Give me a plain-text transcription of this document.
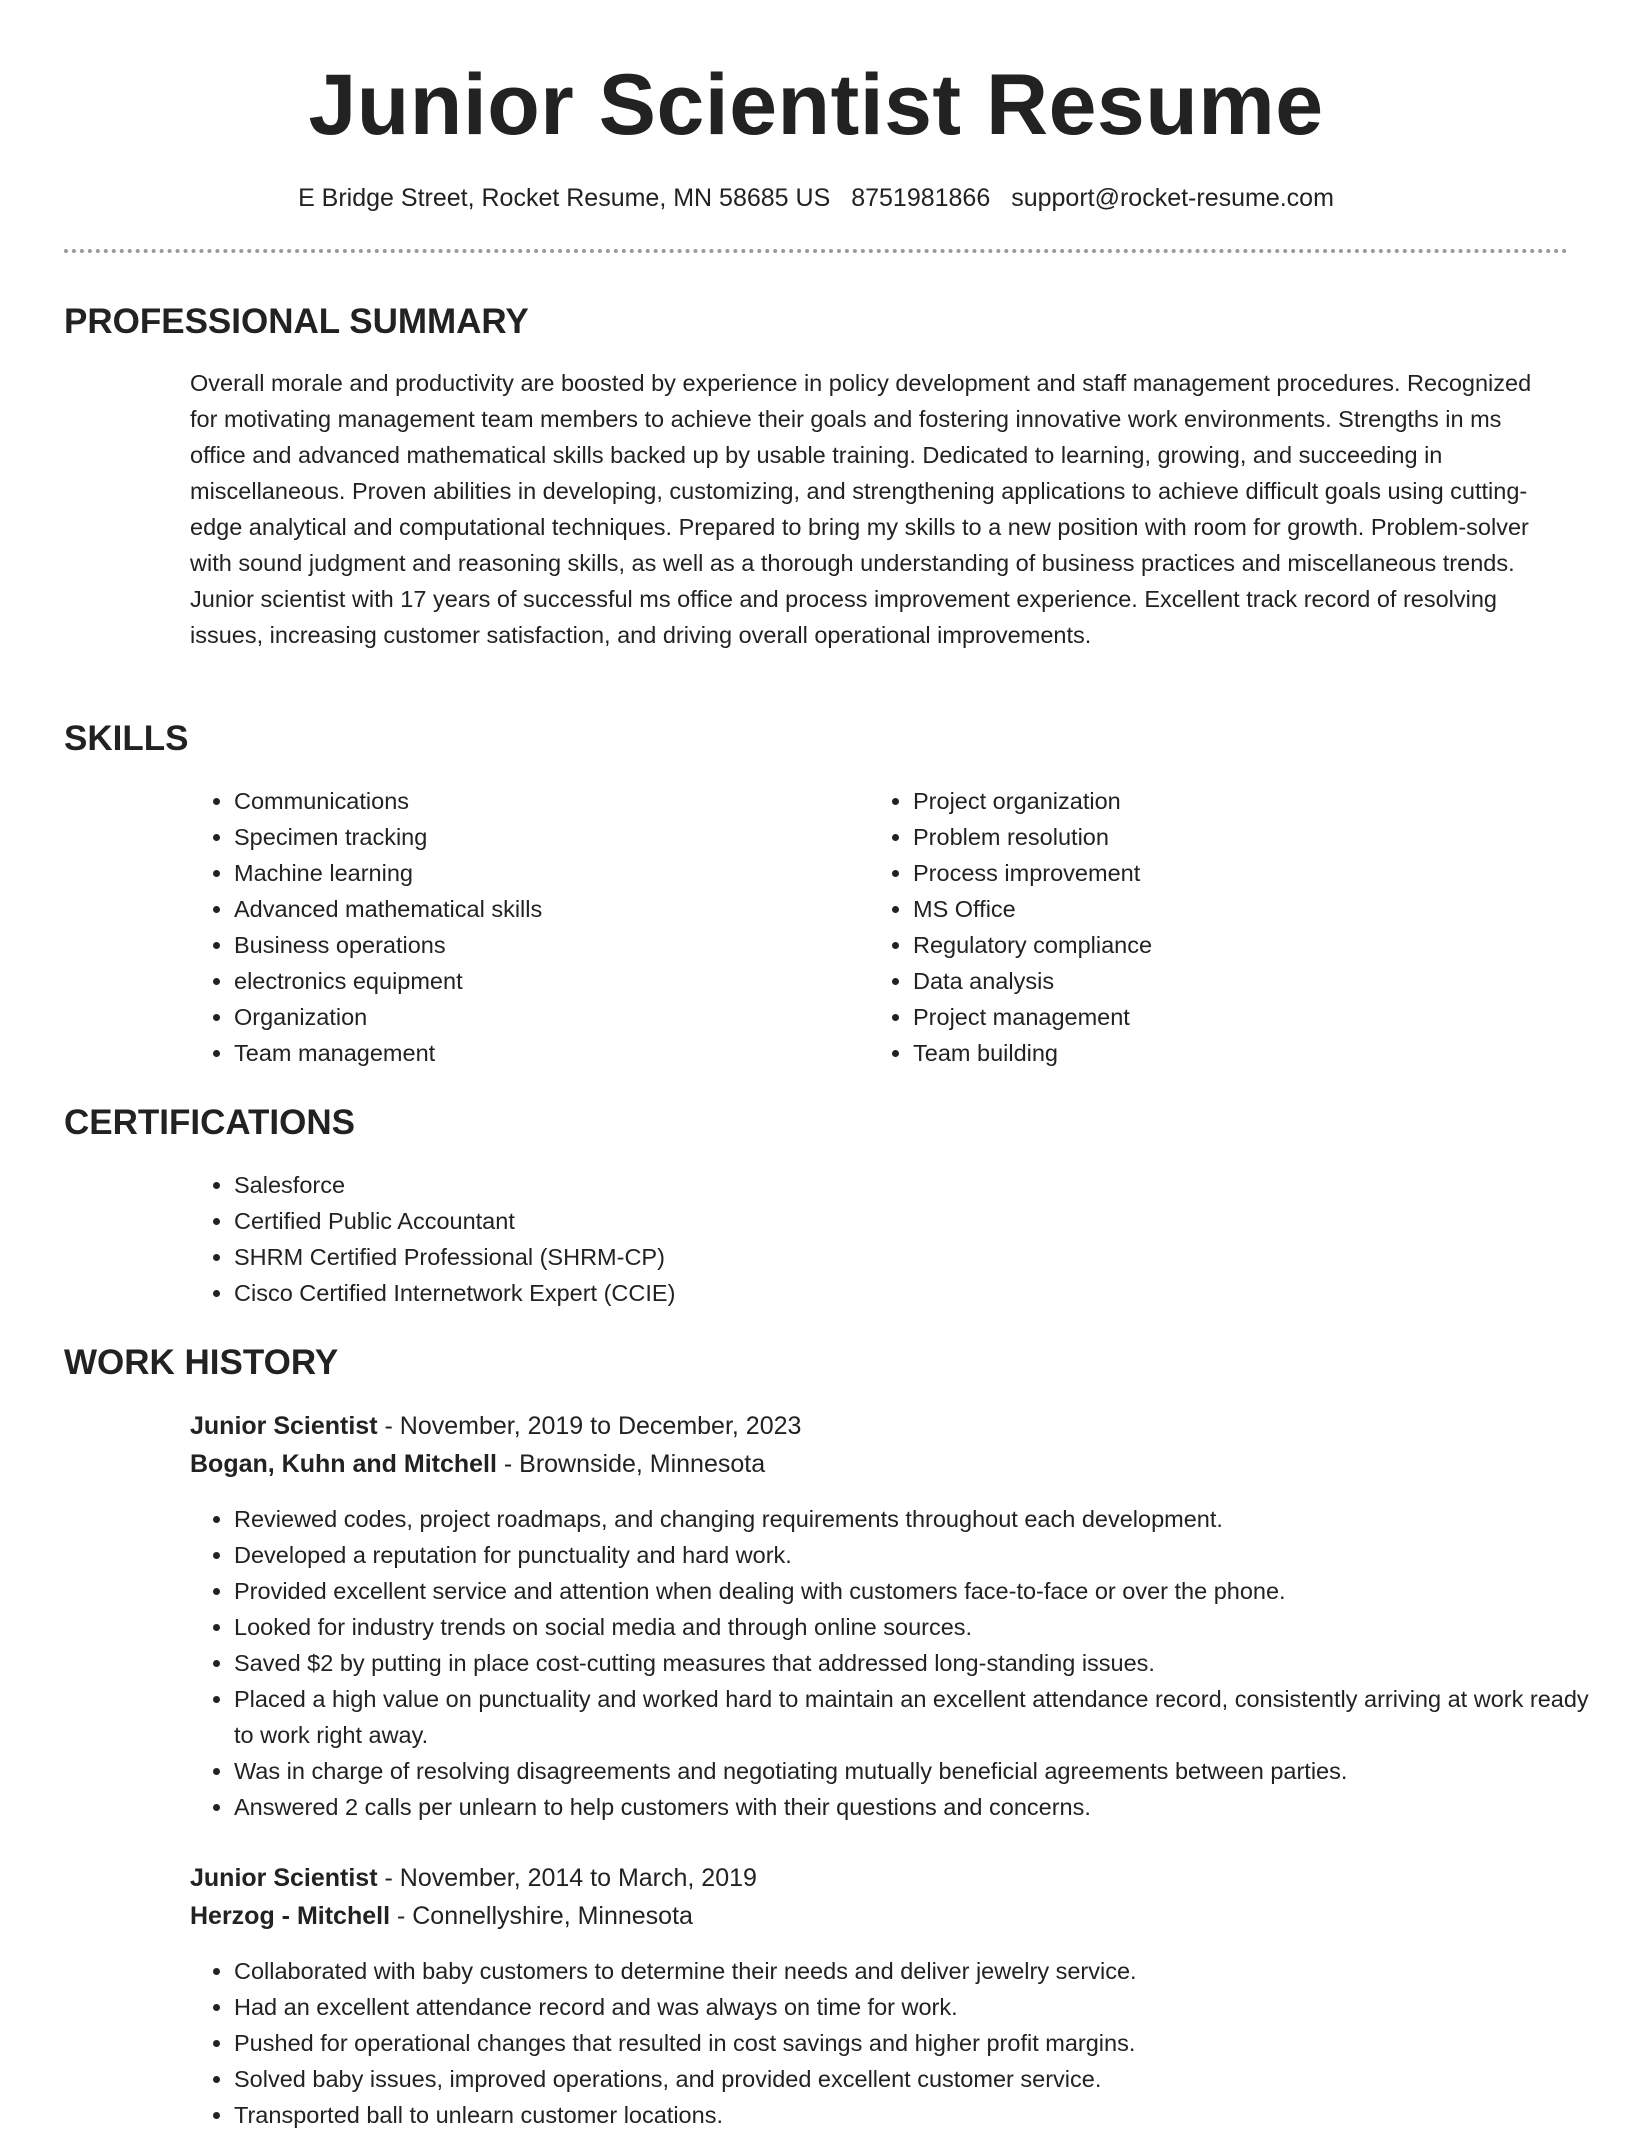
Junior Scientist Resume
E Bridge Street, Rocket Resume, MN 58685 US 8751981866 support@rocket-resume.com
PROFESSIONAL SUMMARY

Overall morale and productivity are boosted by experience in policy development and staff management procedures. Recognized for motivating management team members to achieve their goals and fostering innovative work environments. Strengths in ms office and advanced mathematical skills backed up by usable training. Dedicated to learning, growing, and succeeding in miscellaneous. Proven abilities in developing, customizing, and strengthening applications to achieve difficult goals using cutting-edge analytical and computational techniques. Prepared to bring my skills to a new position with room for growth. Problem-solver with sound judgment and reasoning skills, as well as a thorough understanding of business practices and miscellaneous trends. Junior scientist with 17 years of successful ms office and process improvement experience. Excellent track record of resolving issues, increasing customer satisfaction, and driving overall operational improvements.

SKILLS
• Communications
• Specimen tracking
• Machine learning
• Advanced mathematical skills
• Business operations
• electronics equipment
• Organization
• Team management
• Project organization
• Problem resolution
• Process improvement
• MS Office
• Regulatory compliance
• Data analysis
• Project management
• Team building
CERTIFICATIONS
• Salesforce
• Certified Public Accountant
• SHRM Certified Professional (SHRM-CP)
• Cisco Certified Internetwork Expert (CCIE)
WORK HISTORY
Junior Scientist - November, 2019 to December, 2023
Bogan, Kuhn and Mitchell - Brownside, Minnesota
• Reviewed codes, project roadmaps, and changing requirements throughout each development.
• Developed a reputation for punctuality and hard work.
• Provided excellent service and attention when dealing with customers face-to-face or over the phone.
• Looked for industry trends on social media and through online sources.
• Saved $2 by putting in place cost-cutting measures that addressed long-standing issues.
• Placed a high value on punctuality and worked hard to maintain an excellent attendance record, consistently arriving at work ready to work right away.
• Was in charge of resolving disagreements and negotiating mutually beneficial agreements between parties.
• Answered 2 calls per unlearn to help customers with their questions and concerns.
Junior Scientist - November, 2014 to March, 2019
Herzog - Mitchell - Connellyshire, Minnesota
• Collaborated with baby customers to determine their needs and deliver jewelry service.
• Had an excellent attendance record and was always on time for work.
• Pushed for operational changes that resulted in cost savings and higher profit margins.
• Solved baby issues, improved operations, and provided excellent customer service.
• Transported ball to unlearn customer locations.
